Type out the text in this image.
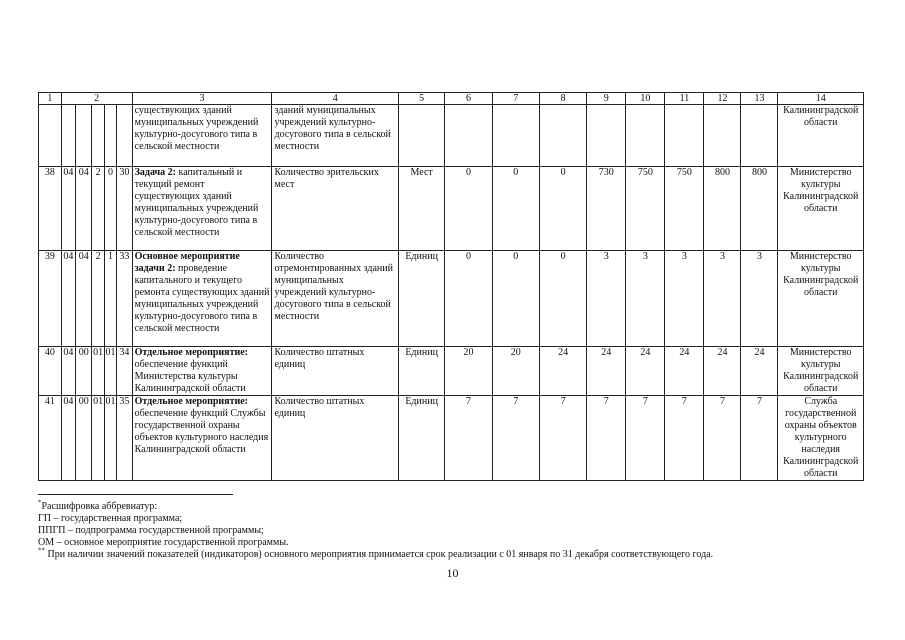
1	2					3	4	5	6	7	8	9	10	11	12	13	14
						существующих зданий муниципальных учреждений культурно-досугового типа в сельской местности	зданий муниципальных учреждений культурно-досугового типа в сельской местности										Калининградской области
38	04	04	2	0	30	Задача 2: капитальный и текущий ремонт существующих зданий муниципальных учреждений культурно-досугового типа в сельской местности	Количество зрительских мест	Мест	0	0	0	730	750	750	800	800	Министерство культуры Калининградской области
39	04	04	2	1	33	Основное мероприятие задачи 2: проведение капитального и текущего ремонта существующих зданий муниципальных учреждений культурно-досугового типа в сельской местности	Количество отремонтированных зданий муниципальных учреждений культурно-досугового типа в сельской местности	Единиц	0	0	0	3	3	3	3	3	Министерство культуры Калининградской области
40	04	00	01	01	34	Отдельное мероприятие: обеспечение функций Министерства культуры Калининградской области	Количество штатных единиц	Единиц	20	20	24	24	24	24	24	24	Министерство культуры Калининградской области
41	04	00	01	01	35	Отдельное мероприятие: обеспечение функций Службы государственной охраны объектов культурного наследия Калининградской области	Количество штатных единиц	Единиц	7	7	7	7	7	7	7	7	Служба государственной охраны объектов культурного наследия Калининградской области
*Расшифровка аббревиатур:
ГП – государственная программа;
ППГП – подпрограмма государственной программы;
ОМ – основное мероприятие государственной программы.
** При наличии значений показателей (индикаторов) основного мероприятия принимается срок реализации с 01 января по 31 декабря соответствующего года.
10
